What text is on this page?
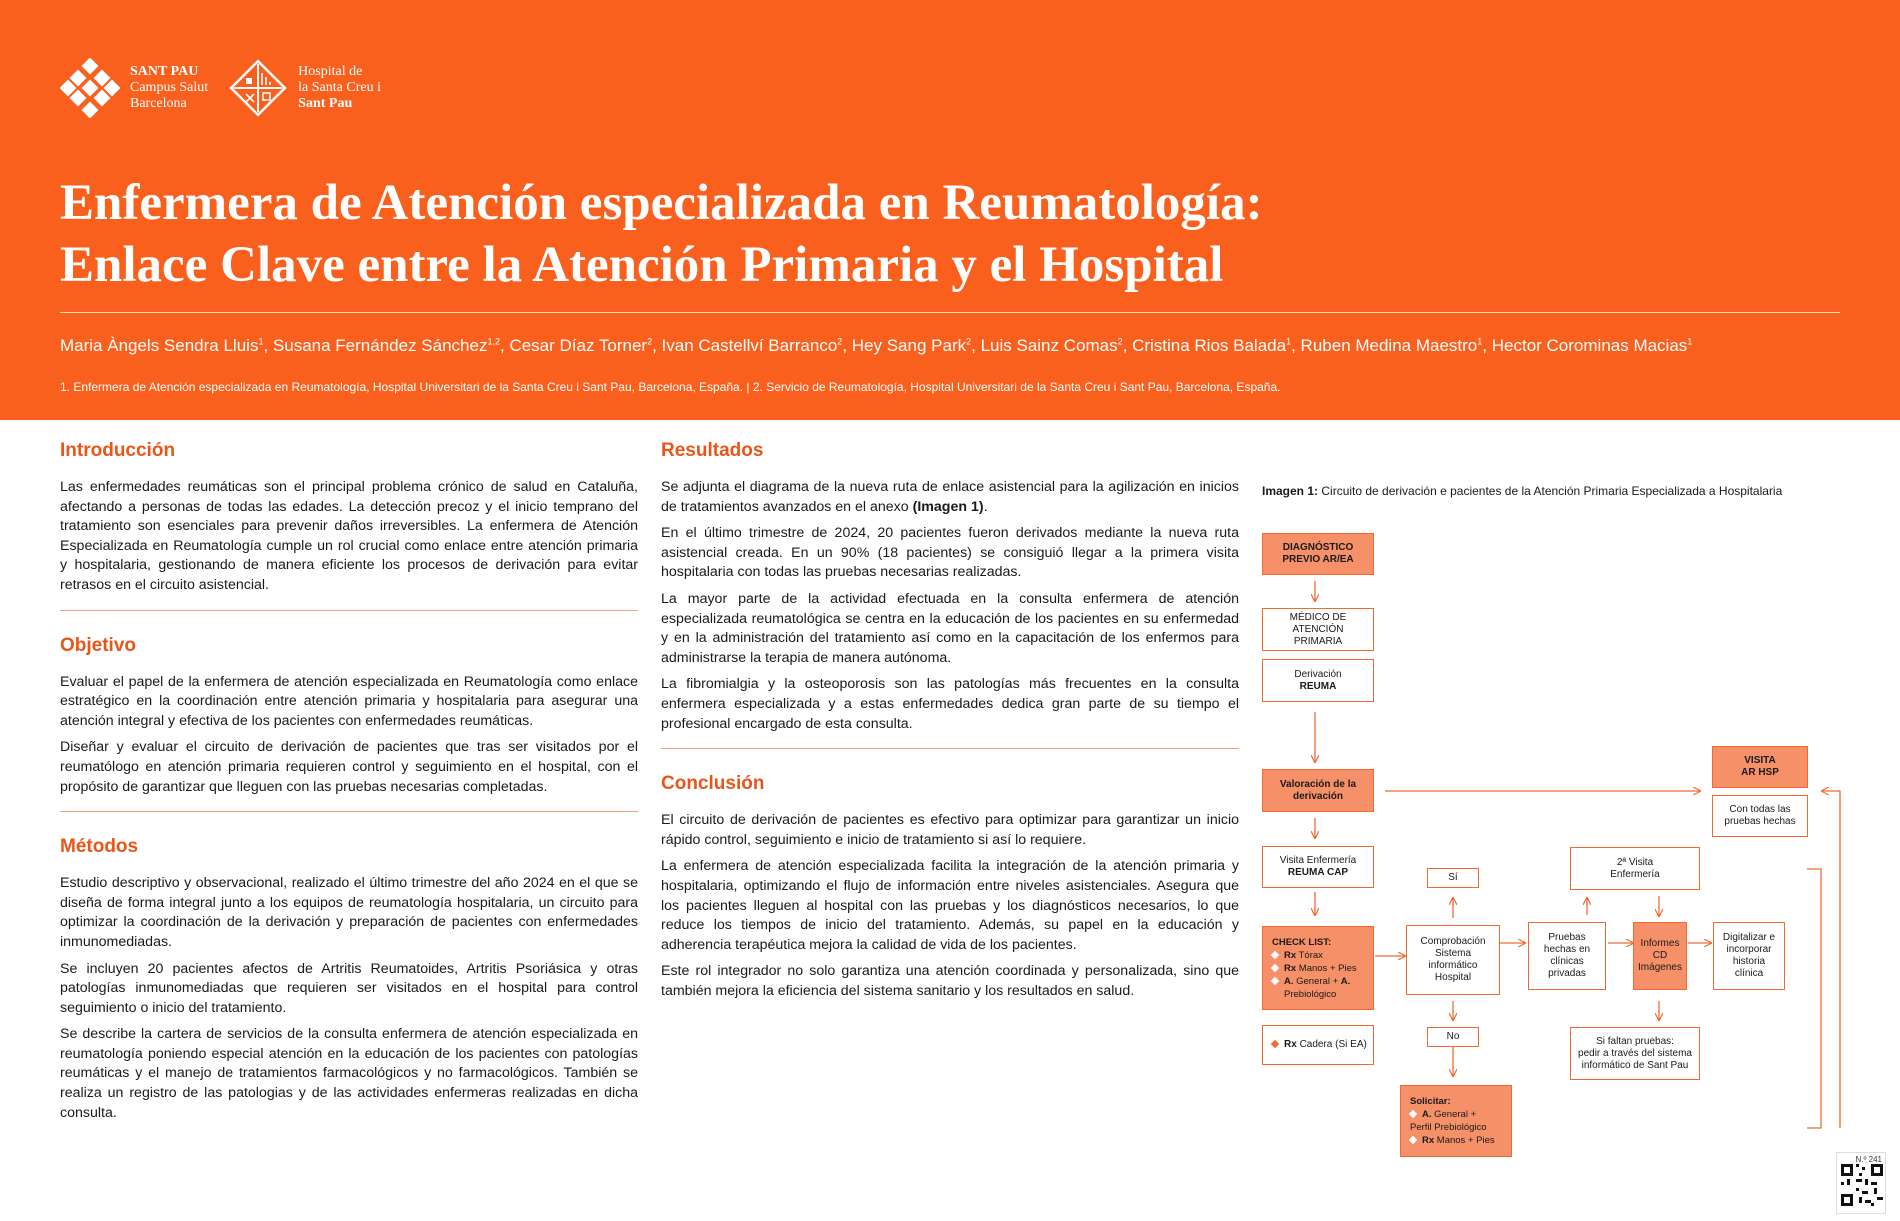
SANT PAU
Campus Salut
Barcelona
Hospital de
la Santa Creu i
Sant Pau
Enfermera de Atención especializada en Reumatología:
Enlace Clave entre la Atención Primaria y el Hospital
Maria Àngels Sendra Lluis$^1$, Susana Fernández Sánchez$^{1,2}$, Cesar Díaz Torner$^2$, Ivan Castellví Barranco$^2$, Hey Sang Park$^2$, Luis Sainz Comas$^2$, Cristina Rios Balada$^1$, Ruben Medina Maestro$^1$, Hector Corominas Macias$^1$
1. Enfermera de Atención especializada en Reumatología, Hospital Universitari de la Santa Creu i Sant Pau, Barcelona, España. | 2. Servicio de Reumatología, Hospital Universitari de la Santa Creu i Sant Pau, Barcelona, España.
Introducción

Las enfermedades reumáticas son el principal problema crónico de salud en Cataluña, afectando a personas de todas las edades. La detección precoz y el inicio temprano del tratamiento son esenciales para prevenir daños irreversibles. La enfermera de Atención Especializada en Reumatología cumple un rol crucial como enlace entre atención primaria y hospitalaria, gestionando de manera eficiente los procesos de derivación para evitar retrasos en el circuito asistencial.

Objetivo

Evaluar el papel de la enfermera de atención especializada en Reumatología como enlace estratégico en la coordinación entre atención primaria y hospitalaria para asegurar una atención integral y efectiva de los pacientes con enfermedades reumáticas.

Diseñar y evaluar el circuito de derivación de pacientes que tras ser visitados por el reumatólogo en atención primaria requieren control y seguimiento en el hospital, con el propósito de garantizar que lleguen con las pruebas necesarias completadas.

Métodos

Estudio descriptivo y observacional, realizado el último trimestre del año 2024 en el que se diseña de forma integral junto a los equipos de reumatología hospitalaria, un circuito para optimizar la coordinación de la derivación y preparación de pacientes con enfermedades inmunomediadas.

Se incluyen 20 pacientes afectos de Artritis Reumatoides, Artritis Psoriásica y otras patologías inmunomediadas que requieren ser visitados en el hospital para control seguimiento o inicio del tratamiento.

Se describe la cartera de servicios de la consulta enfermera de atención especializada en reumatología poniendo especial atención en la educación de los pacientes con patologías reumáticas y el manejo de tratamientos farmacológicos y no farmacológicos. También se realiza un registro de las patologias y de las actividades enfermeras realizadas en dicha consulta.

Resultados

Se adjunta el diagrama de la nueva ruta de enlace asistencial para la agilización en inicios de tratamientos avanzados en el anexo (Imagen 1).

En el último trimestre de 2024, 20 pacientes fueron derivados mediante la nueva ruta asistencial creada. En un 90% (18 pacientes) se consiguió llegar a la primera visita hospitalaria con todas las pruebas necesarias realizadas.

La mayor parte de la actividad efectuada en la consulta enfermera de atención especializada reumatológica se centra en la educación de los pacientes en su enfermedad y en la administración del tratamiento así como en la capacitación de los enfermos para administrarse la terapia de manera autónoma.

La fibromialgia y la osteoporosis son las patologías más frecuentes en la consulta enfermera especializada y a estas enfermedades dedica gran parte de su tiempo el profesional encargado de esta consulta.

Conclusión

El circuito de derivación de pacientes es efectivo para optimizar para garantizar un inicio rápido control, seguimiento e inicio de tratamiento si así lo requiere.

La enfermera de atención especializada facilita la integración de la atención primaria y hospitalaria, optimizando el flujo de información entre niveles asistenciales. Asegura que los pacientes lleguen al hospital con las pruebas y los diagnósticos necesarios, lo que reduce los tiempos de inicio del tratamiento. Además, su papel en la educación y adherencia terapéutica mejora la calidad de vida de los pacientes.

Este rol integrador no solo garantiza una atención coordinada y personalizada, sino que también mejora la eficiencia del sistema sanitario y los resultados en salud.

Imagen 1: Circuito de derivación e pacientes de la Atención Primaria Especializada a Hospitalaria
DIAGNÓSTICO
PREVIO AR/EA
MÉDICO DE
ATENCIÓN
PRIMARIA
Derivación
REUMA
Valoración de la
derivación
Visita Enfermería
REUMA CAP
CHECK LIST:
Rx Tórax
Rx Manos + Pies
A. General + A.
Prebiológico
Rx Cadera (Si EA)
Sí
Comprobación
Sistema
informático
Hospital
No
Solicitar:
A. General +
Perfil Prebiológico
Rx Manos + Pies
Pruebas
hechas en
clínicas
privadas
2ª Visita
Enfermería
Informes
CD
Imágenes
Si faltan pruebas:
pedir a través del sistema
informático de Sant Pau
Digitalizar e
incorporar
historia
clínica
VISITA
AR HSP
Con todas las
pruebas hechas
N.º 241
